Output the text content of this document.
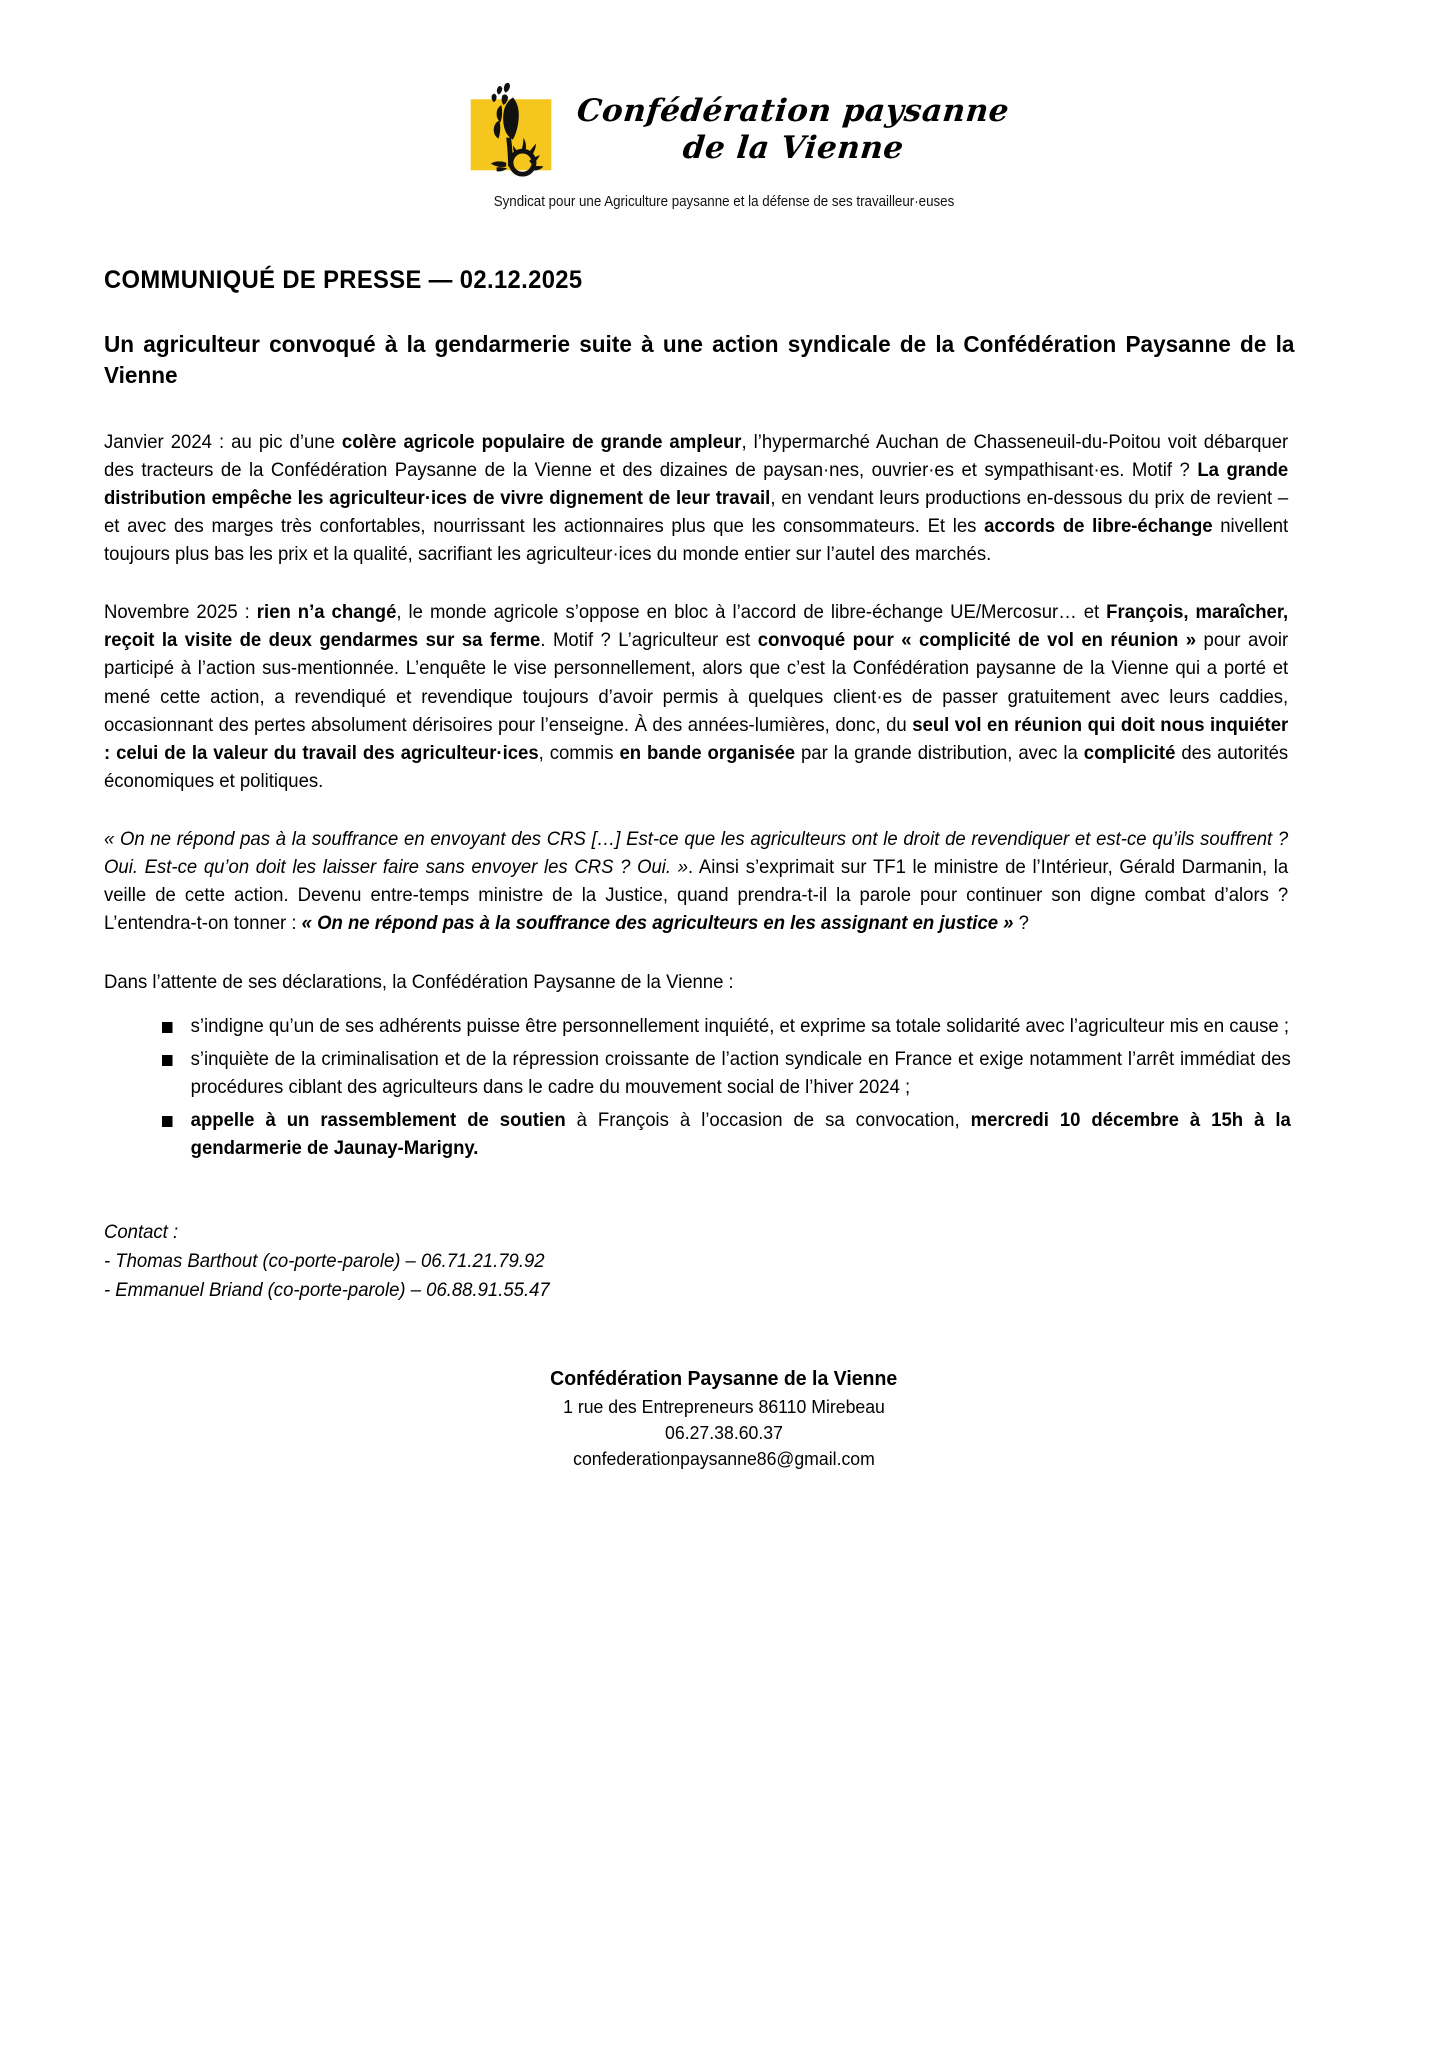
Confédération paysanne
de la Vienne
Syndicat pour une Agriculture paysanne et la défense de ses travailleur·euses
COMMUNIQUÉ DE PRESSE — 02.12.2025
Un agriculteur convoqué à la gendarmerie suite à une action syndicale de la Confédération Paysanne de la Vienne

Janvier 2024 : au pic d’une colère agricole populaire de grande ampleur, l’hypermarché Auchan de Chasseneuil-du-Poitou voit débarquer des tracteurs de la Confédération Paysanne de la Vienne et des dizaines de paysan·nes, ouvrier·es et sympathisant·es. Motif ? La grande distribution empêche les agriculteur·ices de vivre dignement de leur travail, en vendant leurs productions en-dessous du prix de revient – et avec des marges très confortables, nourrissant les actionnaires plus que les consommateurs. Et les accords de libre-échange nivellent toujours plus bas les prix et la qualité, sacrifiant les agriculteur·ices du monde entier sur l’autel des marchés.

Novembre 2025 : rien n’a changé, le monde agricole s’oppose en bloc à l’accord de libre-échange UE/Mercosur… et François, maraîcher, reçoit la visite de deux gendarmes sur sa ferme. Motif ? L’agriculteur est convoqué pour « complicité de vol en réunion » pour avoir participé à l’action sus-mentionnée. L’enquête le vise personnellement, alors que c’est la Confédération paysanne de la Vienne qui a porté et mené cette action, a revendiqué et revendique toujours d’avoir permis à quelques client·es de passer gratuitement avec leurs caddies, occasionnant des pertes absolument dérisoires pour l’enseigne. À des années-lumières, donc, du seul vol en réunion qui doit nous inquiéter : celui de la valeur du travail des agriculteur·ices, commis en bande organisée par la grande distribution, avec la complicité des autorités économiques et politiques.

« On ne répond pas à la souffrance en envoyant des CRS […] Est-ce que les agriculteurs ont le droit de revendiquer et est-ce qu’ils souffrent ? Oui. Est-ce qu’on doit les laisser faire sans envoyer les CRS ? Oui. ». Ainsi s’exprimait sur TF1 le ministre de l’Intérieur, Gérald Darmanin, la veille de cette action. Devenu entre-temps ministre de la Justice, quand prendra-t-il la parole pour continuer son digne combat d’alors ? L’entendra-t-on tonner : « On ne répond pas à la souffrance des agriculteurs en les assignant en justice » ?

Dans l’attente de ses déclarations, la Confédération Paysanne de la Vienne :

s’indigne qu’un de ses adhérents puisse être personnellement inquiété, et exprime sa totale solidarité avec l’agriculteur mis en cause ;
s’inquiète de la criminalisation et de la répression croissante de l’action syndicale en France et exige notamment l’arrêt immédiat des procédures ciblant des agriculteurs dans le cadre du mouvement social de l’hiver 2024 ;
appelle à un rassemblement de soutien à François à l’occasion de sa convocation, mercredi 10 décembre à 15h à la gendarmerie de Jaunay-Marigny.
Contact :
- Thomas Barthout (co-porte-parole) – 06.71.21.79.92
- Emmanuel Briand (co-porte-parole) – 06.88.91.55.47
Confédération Paysanne de la Vienne
1 rue des Entrepreneurs 86110 Mirebeau
06.27.38.60.37
confederationpaysanne86@gmail.com
